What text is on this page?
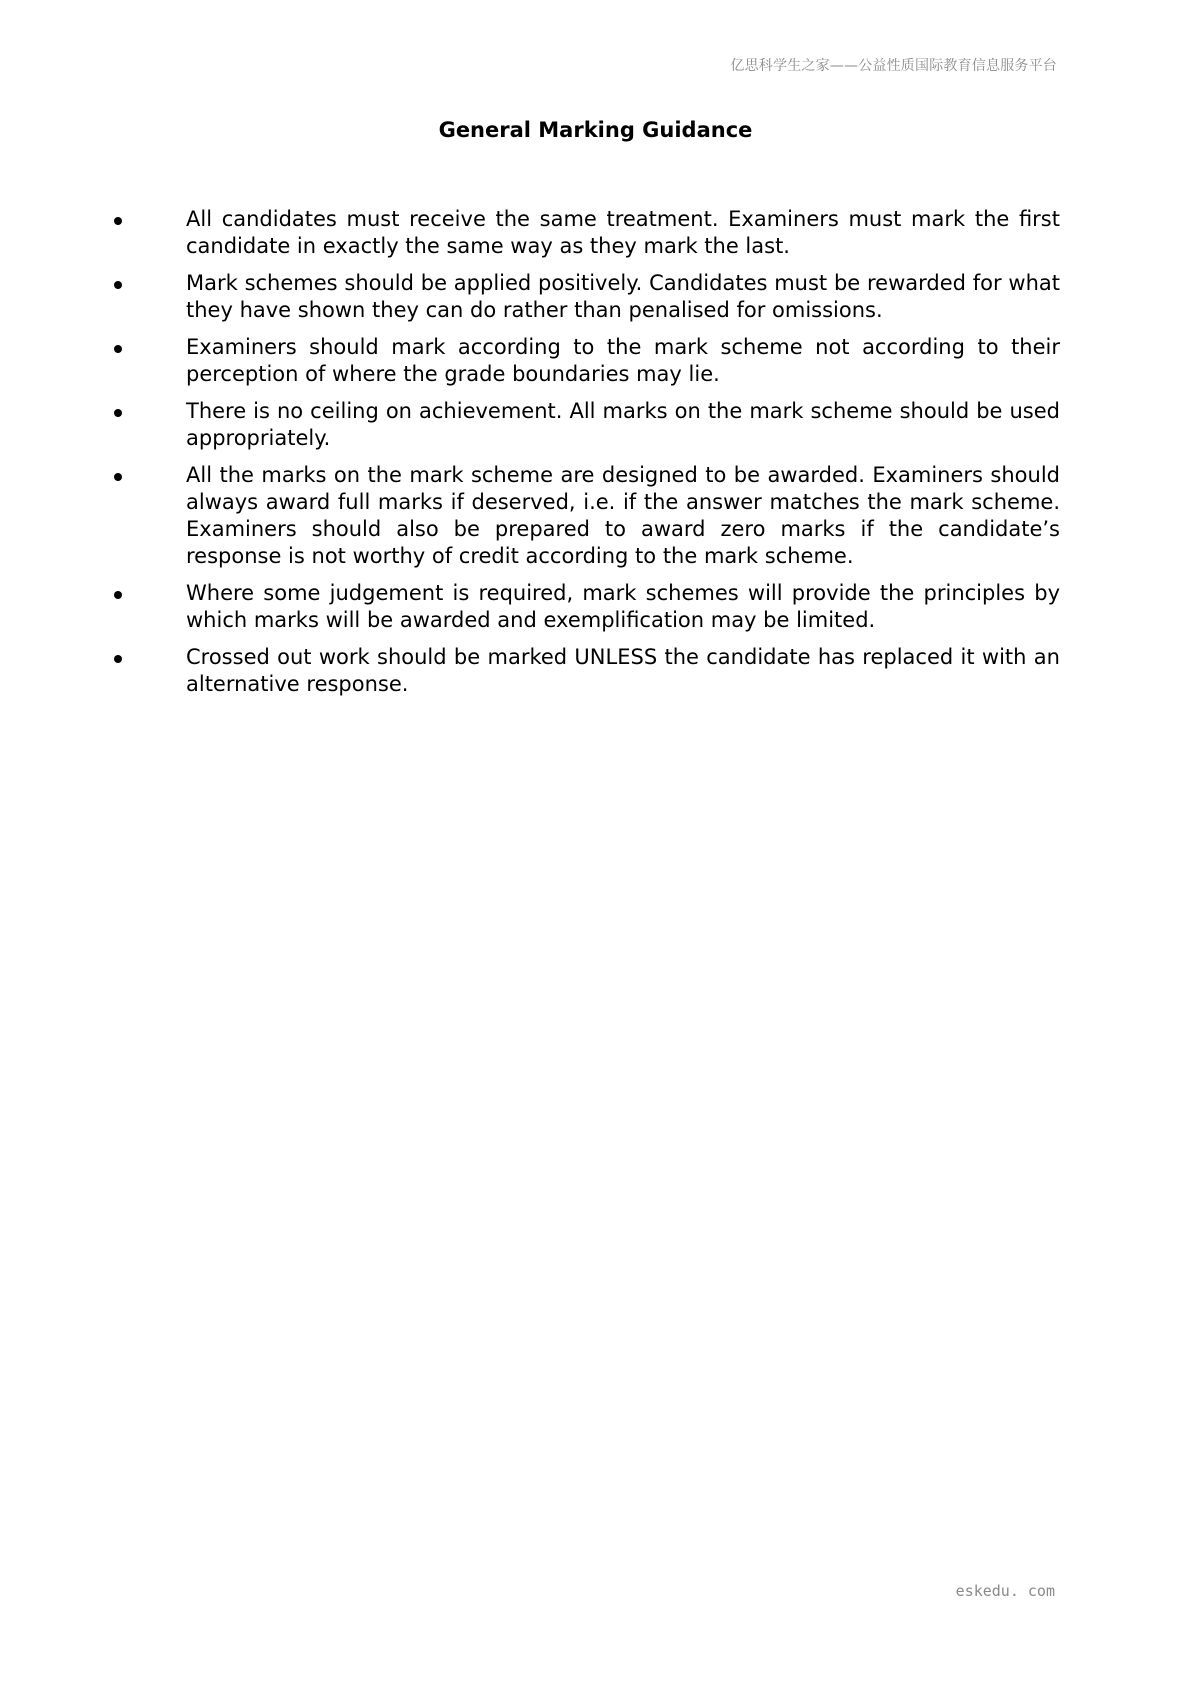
亿思科学生之家——公益性质国际教育信息服务平台
General Marking Guidance
All candidates must receive the same treatment. Examiners must mark the first candidate in exactly the same way as they mark the last.
Mark schemes should be applied positively. Candidates must be rewarded for what they have shown they can do rather than penalised for omissions.
Examiners should mark according to the mark scheme not according to their perception of where the grade boundaries may lie.
There is no ceiling on achievement. All marks on the mark scheme should be used appropriately.
All the marks on the mark scheme are designed to be awarded. Examiners should always award full marks if deserved, i.e. if the answer matches the mark scheme. Examiners should also be prepared to award zero marks if the candidate’s response is not worthy of credit according to the mark scheme.
Where some judgement is required, mark schemes will provide the principles by which marks will be awarded and exemplification may be limited.
Crossed out work should be marked UNLESS the candidate has replaced it with an alternative response.
eskedu. com
